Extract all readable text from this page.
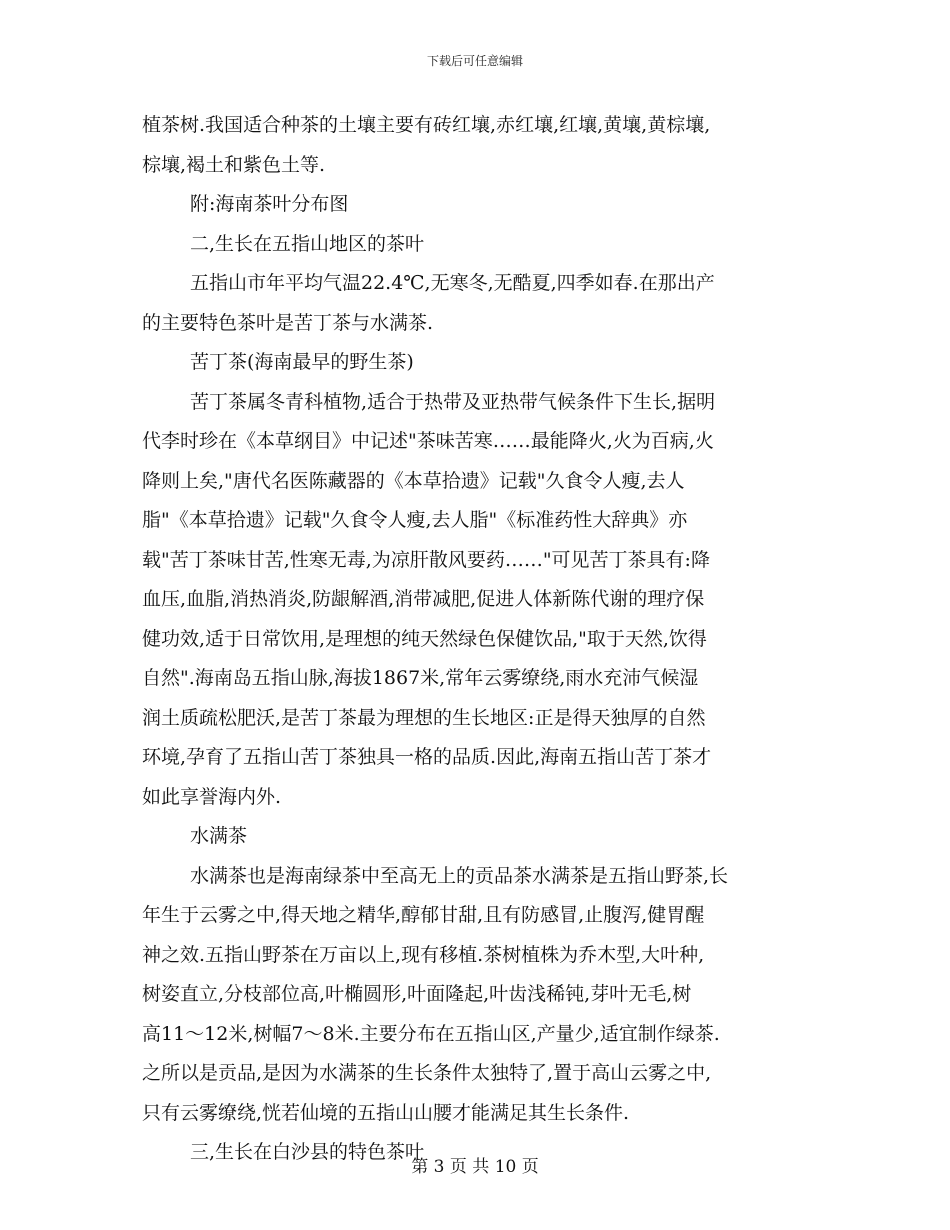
下载后可任意编辑
植茶树.我国适合种茶的土壤主要有砖红壤,赤红壤,红壤,黄壤,黄棕壤,
棕壤,褐土和紫色土等.
附:海南茶叶分布图
二,生长在五指山地区的茶叶
五指山市年平均气温22.4℃,无寒冬,无酷夏,四季如春.在那出产
的主要特色茶叶是苦丁茶与水满茶.
苦丁茶(海南最早的野生茶)
苦丁茶属冬青科植物,适合于热带及亚热带气候条件下生长,据明
代李时珍在《本草纲目》中记述"茶味苦寒……最能降火,火为百病,火
降则上矣,"唐代名医陈藏器的《本草拾遗》记载"久食令人瘦,去人
脂"《本草拾遗》记载"久食令人瘦,去人脂"《标准药性大辞典》亦
载"苦丁茶味甘苦,性寒无毒,为凉肝散风要药……"可见苦丁茶具有:降
血压,血脂,消热消炎,防龈解酒,消带减肥,促进人体新陈代谢的理疗保
健功效,适于日常饮用,是理想的纯天然绿色保健饮品,"取于天然,饮得
自然".海南岛五指山脉,海拔1867米,常年云雾缭绕,雨水充沛气候湿
润土质疏松肥沃,是苦丁茶最为理想的生长地区:正是得天独厚的自然
环境,孕育了五指山苦丁茶独具一格的品质.因此,海南五指山苦丁茶才
如此享誉海内外.
水满茶
水满茶也是海南绿茶中至高无上的贡品茶水满茶是五指山野茶,长
年生于云雾之中,得天地之精华,醇郁甘甜,且有防感冒,止腹泻,健胃醒
神之效.五指山野茶在万亩以上,现有移植.茶树植株为乔木型,大叶种,
树姿直立,分枝部位高,叶椭圆形,叶面隆起,叶齿浅稀钝,芽叶无毛,树
高11～12米,树幅7～8米.主要分布在五指山区,产量少,适宜制作绿茶.
之所以是贡品,是因为水满茶的生长条件太独特了,置于高山云雾之中,
只有云雾缭绕,恍若仙境的五指山山腰才能满足其生长条件.
三,生长在白沙县的特色茶叶
第 3 页 共 10 页
